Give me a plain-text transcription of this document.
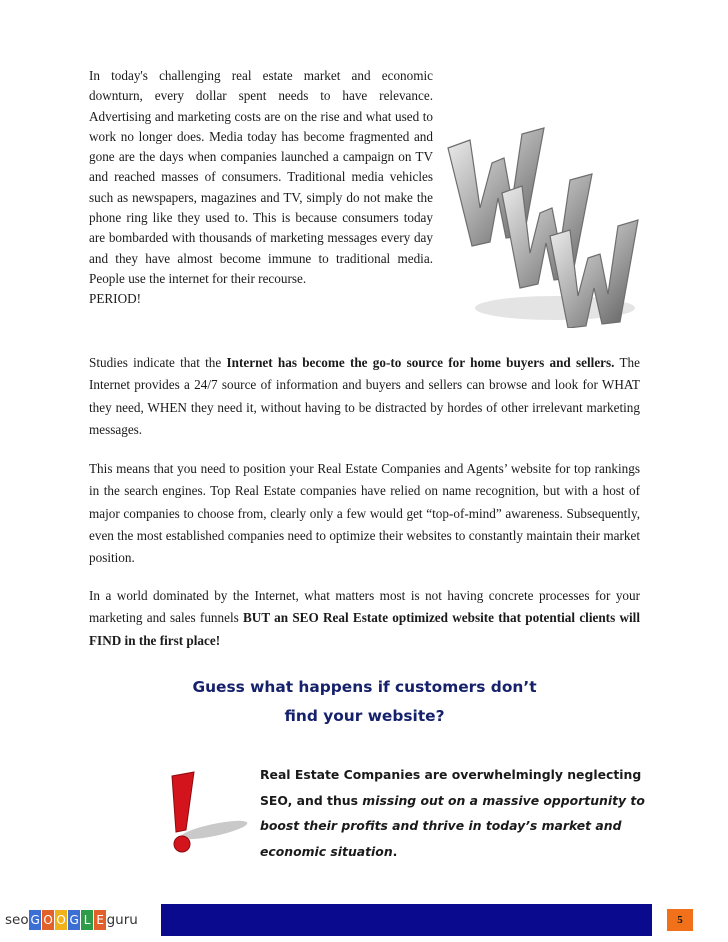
In today's challenging real estate market and economic downturn, every dollar spent needs to have relevance. Advertising and marketing costs are on the rise and what used to work no longer does. Media today has become fragmented and gone are the days when companies launched a campaign on TV and reached masses of consumers. Traditional media vehicles such as newspapers, magazines and TV, simply do not make the phone ring like they used to. This is because consumers today are bombarded with thousands of marketing messages every day and they have almost become immune to traditional media. People use the internet for their recourse.

PERIOD!

Studies indicate that the Internet has become the go-to source for home buyers and sellers. The Internet provides a 24/7 source of information and buyers and sellers can browse and look for WHAT they need, WHEN they need it, without having to be distracted by hordes of other irrelevant marketing messages.

This means that you need to position your Real Estate Companies and Agents’ website for top rankings in the search engines. Top Real Estate companies have relied on name recognition, but with a host of major companies to choose from, clearly only a few would get “top-of-mind” awareness. Subsequently, even the most established companies need to optimize their websites to constantly maintain their market position.

In a world dominated by the Internet, what matters most is not having concrete processes for your marketing and sales funnels BUT an SEO Real Estate optimized website that potential clients will FIND in the first place!

Guess what happens if customers don’t

find your website?

Real Estate Companies are overwhelmingly neglecting SEO, and thus missing out on a massive opportunity to boost their profits and thrive in today’s market and economic situation.

seo G O O G L E guru	5
